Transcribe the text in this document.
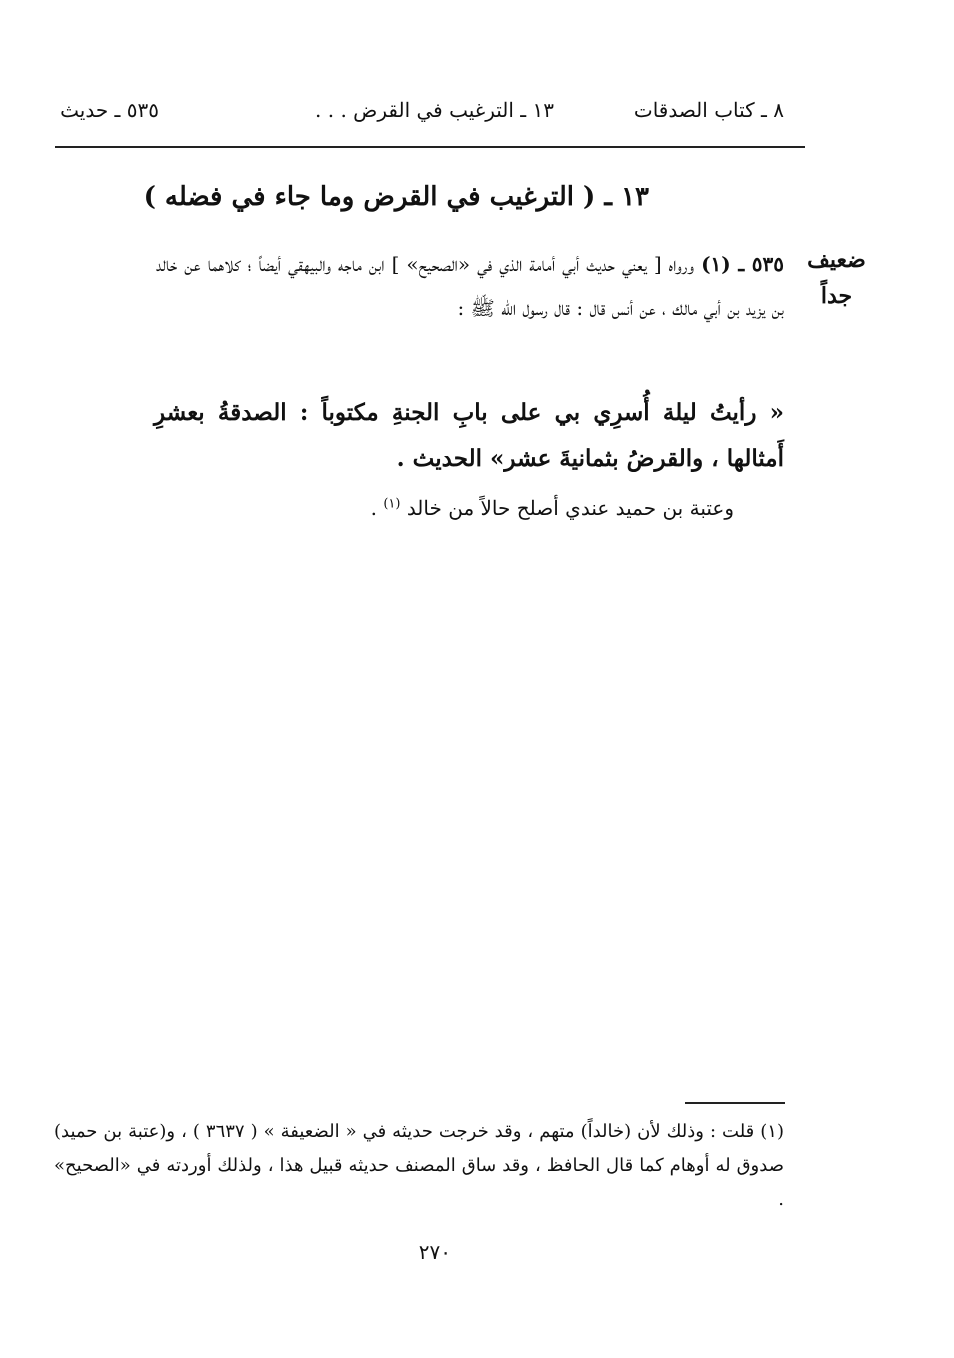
٨ ـ كتاب الصدقات
١٣ ـ الترغيب في القرض . . .
٥٣٥ ـ حديث
١٣ ـ ( الترغيب في القرض وما جاء في فضله )
ضعيف جداً
٥٣٥ ـ (١) ورواه [ يعني حديث أبي أمامة الذي في «الصحيح» ] ابن ماجه والبيهقي أيضاً ؛ كلاهما عن خالد بن يزيد بن أبي مالك ، عن أنس قال : قال رسول الله ﷺ :
« رأيتُ ليلة أُسرِي بي على بابِ الجنةِ مكتوباً : الصدقةُ بعشرِ أَمثالها ، والقرضُ بثمانيةَ عشر» الحديث .
وعتبة بن حميد عندي أصلح حالاً من خالد $^{(١)}$ .
(١) قلت : وذلك لأن (خالداً) متهم ، وقد خرجت حديثه في « الضعيفة » ( ٣٦٣٧ ) ، و(عتبة بن حميد) صدوق له أوهام كما قال الحافظ ، وقد ساق المصنف حديثه قبيل هذا ، ولذلك أوردته في «الصحيح» .
٢٧٠
